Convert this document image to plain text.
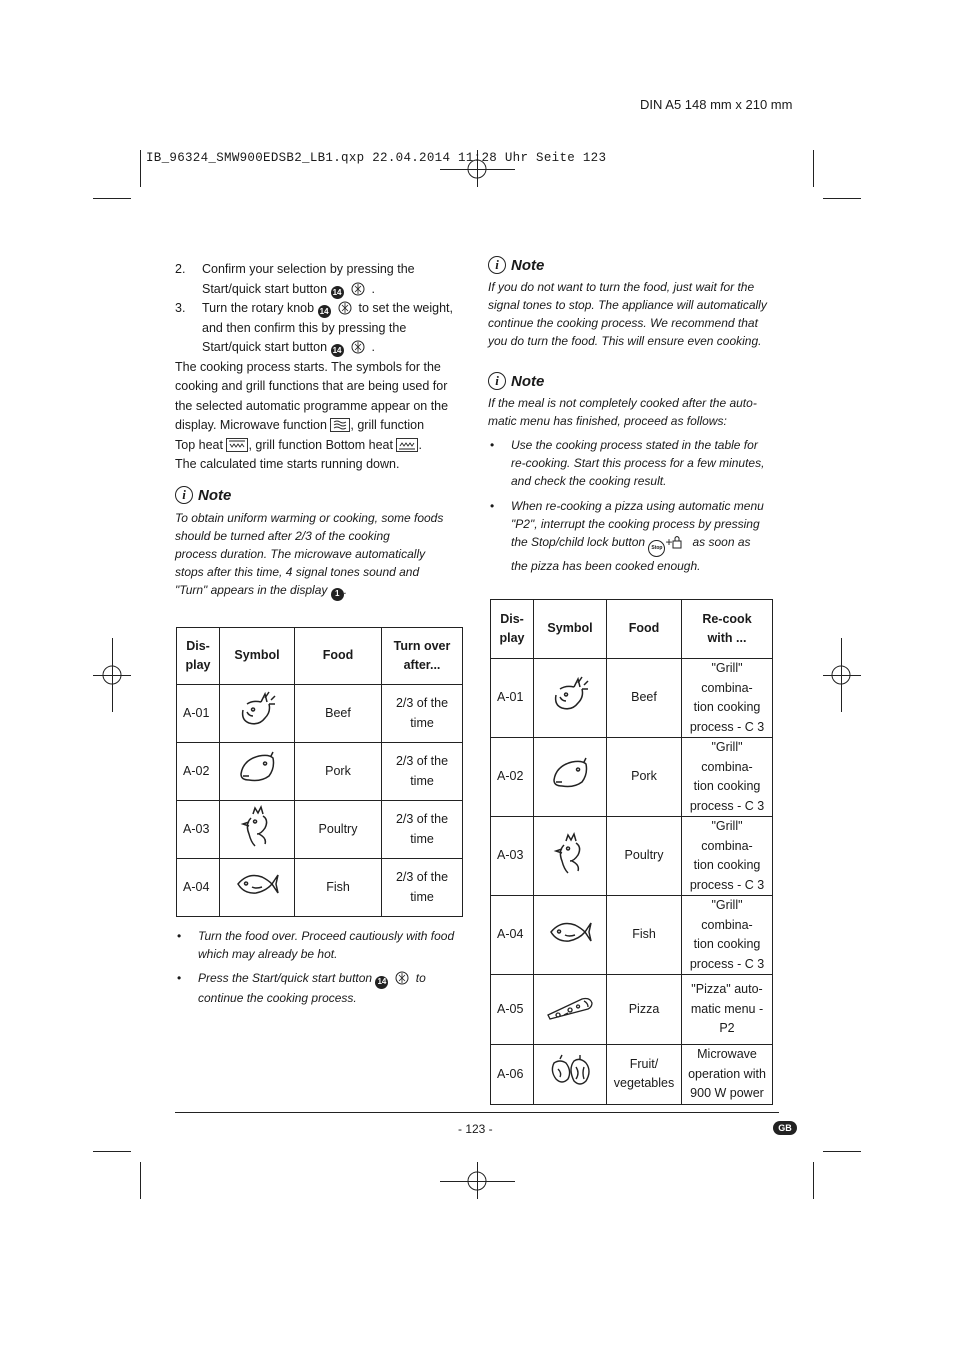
DIN A5 148 mm x 210 mm
IB_96324_SMW900EDSB2_LB1.qxp 22.04.2014 11:28 Uhr Seite 123
2.	Confirm your selection by pressing the
Start/quick start button 14 .
3.	Turn the rotary knob 14 to set the weight,
and then confirm this by pressing the
Start/quick start button 14 .
The cooking process starts. The symbols for the
cooking and grill functions that are being used for
the selected automatic programme appear on the
display. Microwave function , grill function
Top heat , grill function Bottom heat .
The calculated time starts running down.
i Note
To obtain uniform warming or cooking, some foods
should be turned after 2/3 of the cooking
process duration. The microwave automatically
stops after this time, 4 signal tones sound and
"Turn" appears in the display 1 .
Dis-
play	Symbol	Food	Turn over
after...
A-01		Beef	2/3 of the
time
A-02		Pork	2/3 of the
time
A-03		Poultry	2/3 of the
time
A-04		Fish	2/3 of the
time
• Turn the food over. Proceed cautiously with food which may already be hot.
• Press the Start/quick start button 14 to continue the cooking process.
i Note
If you do not want to turn the food, just wait for the
signal tones to stop. The appliance will automatically
continue the cooking process. We recommend that
you do turn the food. This will ensure even cooking.
i Note
If the meal is not completely cooked after the auto-
matic menu has finished, proceed as follows:
• Use the cooking process stated in the table for
re-cooking. Start this process for a few minutes,
and check the cooking result.
• When re-cooking a pizza using automatic menu
"P2", interrupt the cooking process by pressing
the Stop/child lock button Stop + as soon as
the pizza has been cooked enough.
Dis-
play	Symbol	Food	Re-cook
with ...
A-01		Beef	"Grill" combina-
tion cooking
process - C 3
A-02		Pork	"Grill" combina-
tion cooking
process - C 3
A-03		Poultry	"Grill" combina-
tion cooking
process - C 3
A-04		Fish	"Grill" combina-
tion cooking
process - C 3
A-05		Pizza	"Pizza" auto-
matic menu - P2
A-06		Fruit/
vegetables	Microwave
operation with
900 W power
- 123 -	GB
